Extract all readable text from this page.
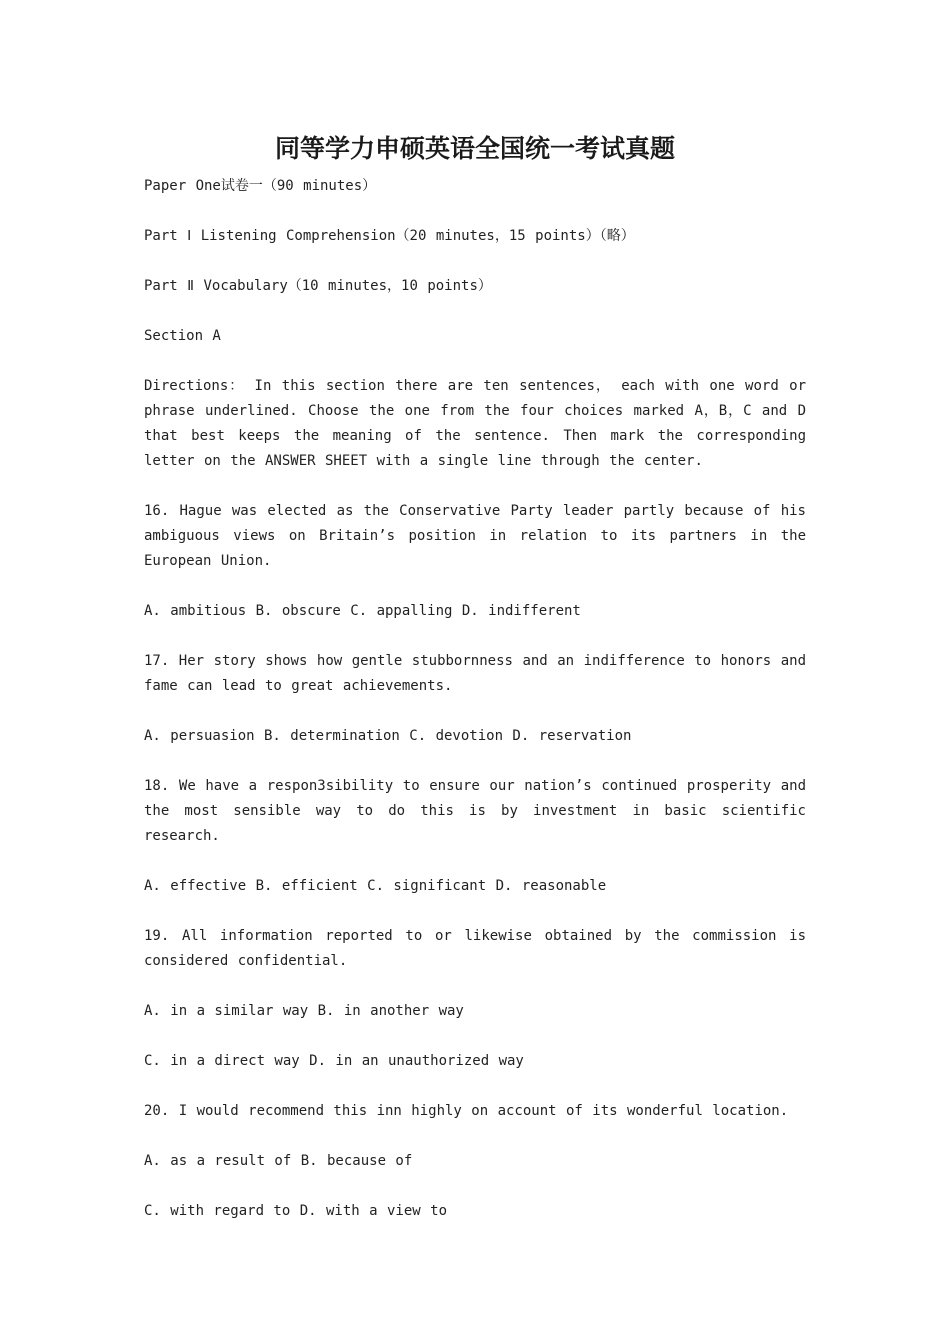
同等学力申硕英语全国统一考试真题

Paper One试卷一（90 minutes）

Part Ⅰ Listening Comprehension（20 minutes，15 points）（略）

Part Ⅱ Vocabulary（10 minutes，10 points）

Section A

Directions： In this section there are ten sentences， each with one word or phrase underlined. Choose the one from the four choices marked A，B，C and D that best keeps the meaning of the sentence. Then mark the corresponding letter on the ANSWER SHEET with a single line through the center.

16. Hague was elected as the Conservative Party leader partly because of his ambiguous views on Britain’s position in relation to its partners in the European Union.

A. ambitious B. obscure C. appalling D. indifferent

17. Her story shows how gentle stubbornness and an indifference to honors and fame can lead to great achievements.

A. persuasion B. determination C. devotion D. reservation

18. We have a respon3sibility to ensure our nation’s continued prosperity and the most sensible way to do this is by investment in basic scientific research.

A. effective B. efficient C. significant D. reasonable

19. All information reported to or likewise obtained by the commission is considered confidential.

A. in a similar way B. in another way

C. in a direct way D. in an unauthorized way

20. I would recommend this inn highly on account of its wonderful location.

A. as a result of B. because of

C. with regard to D. with a view to
